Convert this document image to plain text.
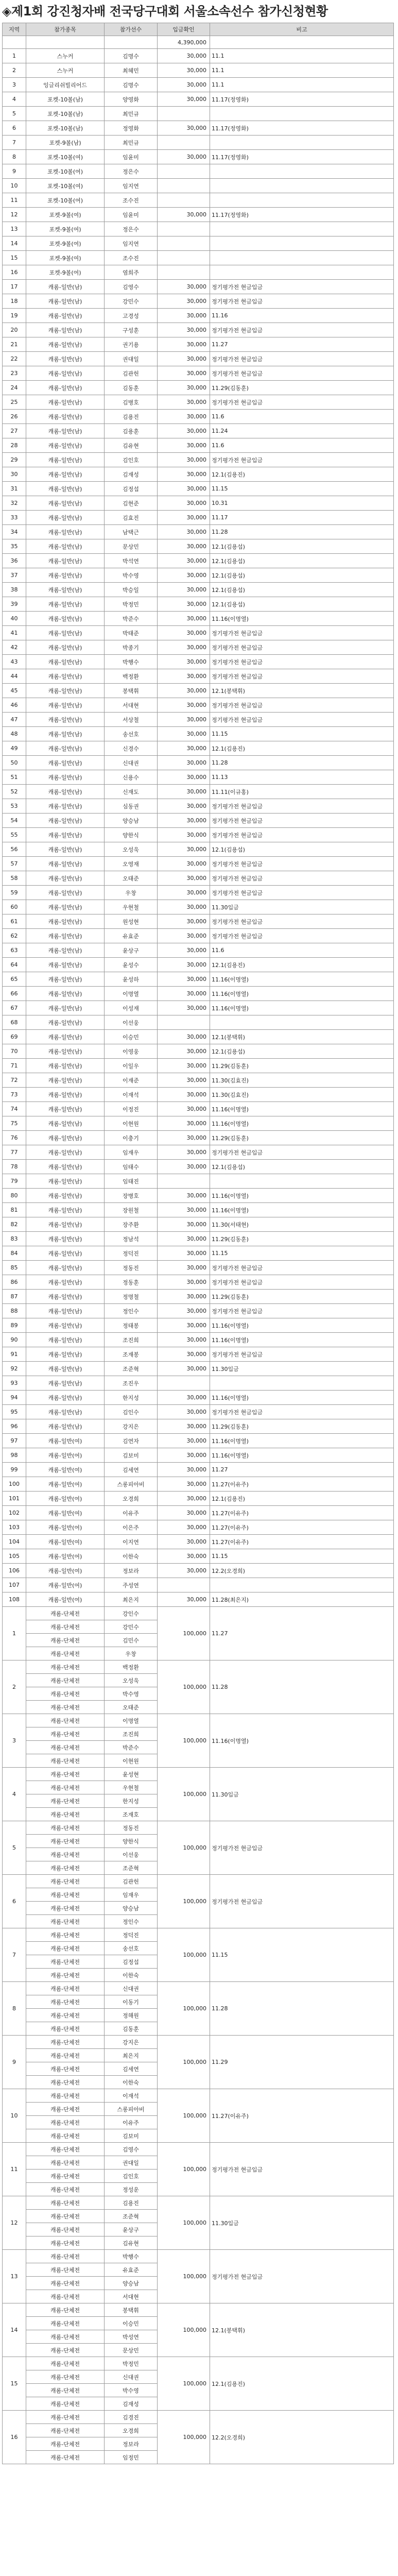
◈제1회 강진청자배 전국당구대회 서울소속선수 참가신청현황
지역	참가종목	참가선수	입금확인	비고
			4,390,000	
1	스누커	김명수	30,000	11.1
2	스누커	최혜민	30,000	11.1
3	잉글리쉬빌리어드	김명수	30,000	11.1
4	포켓-10볼(남)	양영화	30,000	11.17(정영화)
5	포켓-10볼(남)	최민규		
6	포켓-10볼(남)	정영화	30,000	11.17(정영화)
7	포켓-9볼(남)	최민규		
8	포켓-10볼(여)	임윤미	30,000	11.17(정영화)
9	포켓-10볼(여)	정은수		
10	포켓-10볼(여)	임지연		
11	포켓-10볼(여)	조수진		
12	포켓-9볼(여)	임윤미	30,000	11.17(정영화)
13	포켓-9볼(여)	정은수		
14	포켓-9볼(여)	임지연		
15	포켓-9볼(여)	조수진		
16	포켓-9볼(여)	염희주		
17	캐롬-일반(남)	김영수	30,000	정기평가전 현금입금
18	캐롬-일반(남)	강민수	30,000	정기평가전 현금입금
19	캐롬-일반(남)	고경성	30,000	11.16
20	캐롬-일반(남)	구성훈	30,000	정기평가전 현금입금
21	캐롬-일반(남)	권기용	30,000	11.27
22	캐롬-일반(남)	권대일	30,000	정기평가전 현금입금
23	캐롬-일반(남)	김관헌	30,000	정기평가전 현금입금
24	캐롬-일반(남)	김동훈	30,000	11.29(김동훈)
25	캐롬-일반(남)	김병호	30,000	정기평가전 현금입금
26	캐롬-일반(남)	김용진	30,000	11.6
27	캐롬-일반(남)	김용훈	30,000	11.24
28	캐롬-일반(남)	김유현	30,000	11.6
29	캐롬-일반(남)	김인호	30,000	정기평가전 현금입금
30	캐롬-일반(남)	김재성	30,000	12.1(김용진)
31	캐롬-일반(남)	김정섭	30,000	11.15
32	캐롬-일반(남)	김현준	30,000	10.31
33	캐롬-일반(남)	김효진	30,000	11.17
34	캐롬-일반(남)	남택근	30,000	11.28
35	캐롬-일반(남)	문상민	30,000	12.1(김용섭)
36	캐롬-일반(남)	박석연	30,000	12.1(김용섭)
37	캐롬-일반(남)	박수영	30,000	12.1(김용섭)
38	캐롬-일반(남)	박승일	30,000	12.1(김용섭)
39	캐롬-일반(남)	박정민	30,000	12.1(김용섭)
40	캐롬-일반(남)	박준수	30,000	11.16(이명열)
41	캐롬-일반(남)	박태준	30,000	정기평가전 현금입금
42	캐롬-일반(남)	박종기	30,000	정기평가전 현금입금
43	캐롬-일반(남)	박행수	30,000	정기평가전 현금입금
44	캐롬-일반(남)	백정환	30,000	정기평가전 현금입금
45	캐롬-일반(남)	봉택휘	30,000	12.1(봉택휘)
46	캐롬-일반(남)	서대현	30,000	정기평가전 현금입금
47	캐롬-일반(남)	서상철	30,000	정기평가전 현금입금
48	캐롬-일반(남)	송선호	30,000	11.15
49	캐롬-일반(남)	신경수	30,000	12.1(김용진)
50	캐롬-일반(남)	신대권	30,000	11.28
51	캐롬-일반(남)	신용수	30,000	11.13
52	캐롬-일반(남)	신재도	30,000	11.11(이규홍)
53	캐롬-일반(남)	심동권	30,000	정기평가전 현금입금
54	캐롬-일반(남)	양승남	30,000	정기평가전 현금입금
55	캐롬-일반(남)	양한식	30,000	정기평가전 현금입금
56	캐롬-일반(남)	오성욱	30,000	12.1(김용섭)
57	캐롬-일반(남)	오영재	30,000	정기평가전 현금입금
58	캐롬-일반(남)	오태준	30,000	정기평가전 현금입금
59	캐롬-일반(남)	우창	30,000	정기평가전 현금입금
60	캐롬-일반(남)	우현철	30,000	11.30입금
61	캐롬-일반(남)	원성현	30,000	정기평가전 현금입금
62	캐롬-일반(남)	유효준	30,000	정기평가전 현금입금
63	캐롬-일반(남)	윤상구	30,000	11.6
64	캐롬-일반(남)	윤성수	30,000	12.1(김용진)
65	캐롬-일반(남)	윤성하	30,000	11.16(이명열)
66	캐롬-일반(남)	이명열	30,000	11.16(이명열)
67	캐롬-일반(남)	이성재	30,000	11.16(이명열)
68	캐롬-일반(남)	이선웅		
69	캐롬-일반(남)	이승민	30,000	12.1(봉택휘)
70	캐롬-일반(남)	이영웅	30,000	12.1(김용섭)
71	캐롬-일반(남)	이일우	30,000	11.29(김동훈)
72	캐롬-일반(남)	이재준	30,000	11.30(김효진)
73	캐롬-일반(남)	이재석	30,000	11.30(김효진)
74	캐롬-일반(남)	이정진	30,000	11.16(이명열)
75	캐롬-일반(남)	이현원	30,000	11.16(이명열)
76	캐롬-일반(남)	이충기	30,000	11.29(김동훈)
77	캐롬-일반(남)	임재우	30,000	정기평가전 현금입금
78	캐롬-일반(남)	임태수	30,000	12.1(김용섭)
79	캐롬-일반(남)	임태진		
80	캐롬-일반(남)	장병호	30,000	11.16(이명열)
81	캐롬-일반(남)	장원철	30,000	11.16(이명열)
82	캐롬-일반(남)	장주환	30,000	11.30(서태현)
83	캐롬-일반(남)	정남석	30,000	11.29(김동훈)
84	캐롬-일반(남)	정덕진	30,000	11.15
85	캐롬-일반(남)	정동진	30,000	정기평가전 현금입금
86	캐롬-일반(남)	정동훈	30,000	정기평가전 현금입금
87	캐롬-일반(남)	정명철	30,000	11.29(김동훈)
88	캐롬-일반(남)	정인수	30,000	정기평가전 현금입금
89	캐롬-일반(남)	정태봉	30,000	11.16(이명열)
90	캐롬-일반(남)	조진희	30,000	11.16(이명열)
91	캐롬-일반(남)	조재봉	30,000	정기평가전 현금입금
92	캐롬-일반(남)	조준혁	30,000	11.30입금
93	캐롬-일반(남)	조진우		
94	캐롬-일반(남)	한지성	30,000	11.16(이명열)
95	캐롬-일반(남)	김인수	30,000	정기평가전 현금입금
96	캐롬-일반(남)	강지은	30,000	11.29(김동훈)
97	캐롬-일반(여)	김연자	30,000	11.16(이명열)
98	캐롬-일반(여)	김보미	30,000	11.16(이명열)
99	캐롬-일반(여)	김세연	30,000	11.27
100	캐롬-일반(여)	스롱피아비	30,000	11.27(이유주)
101	캐롬-일반(여)	오경희	30,000	12.1(김용진)
102	캐롬-일반(여)	이유주	30,000	11.27(이유주)
103	캐롬-일반(여)	이은주	30,000	11.27(이유주)
104	캐롬-일반(여)	이지연	30,000	11.27(이유주)
105	캐롬-일반(여)	이한숙	30,000	11.15
106	캐롬-일반(여)	정보라	30,000	12.2(오경희)
107	캐롬-일반(여)	주성연		
108	캐롬-일반(여)	최은지	30,000	11.28(최은지)
1	캐롬-단체전	강인수	100,000	11.27
	캐롬-단체전	강민수		
	캐롬-단체전	김민수		
	캐롬-단체전	우창		
2	캐롬-단체전	백정환	100,000	11.28
	캐롬-단체전	오성욱		
	캐롬-단체전	박수영		
	캐롬-단체전	오태준		
3	캐롬-단체전	이명열	100,000	11.16(이명열)
	캐롬-단체전	조진희		
	캐롬-단체전	박준수		
	캐롬-단체전	이현원		
4	캐롬-단체전	윤성현	100,000	11.30입금
	캐롬-단체전	우현철		
	캐롬-단체전	한지성		
	캐롬-단체전	조재호		
5	캐롬-단체전	정동진	100,000	정기평가전 현금입금
	캐롬-단체전	양한식		
	캐롬-단체전	이선웅		
	캐롬-단체전	조준혁		
6	캐롬-단체전	김관헌	100,000	정기평가전 현금입금
	캐롬-단체전	임재우		
	캐롬-단체전	양승남		
	캐롬-단체전	정인수		
7	캐롬-단체전	정덕진	100,000	11.15
	캐롬-단체전	송선호		
	캐롬-단체전	김정섭		
	캐롬-단체전	이한숙		
8	캐롬-단체전	신대권	100,000	11.28
	캐롬-단체전	이동기		
	캐롬-단체전	정해원		
	캐롬-단체전	김동훈		
9	캐롬-단체전	강지은	100,000	11.29
	캐롬-단체전	최은지		
	캐롬-단체전	김세연		
	캐롬-단체전	이한숙		
10	캐롬-단체전	이재석	100,000	11.27(이유주)
	캐롬-단체전	스롱피아비		
	캐롬-단체전	이유주		
	캐롬-단체전	김보미		
11	캐롬-단체전	김영수	100,000	정기평가전 현금입금
	캐롬-단체전	권대일		
	캐롬-단체전	김인호		
	캐롬-단체전	정성운		
12	캐롬-단체전	김용진	100,000	11.30입금
	캐롬-단체전	조준혁		
	캐롬-단체전	윤상구		
	캐롬-단체전	김유현		
13	캐롬-단체전	박행수	100,000	정기평가전 현금입금
	캐롬-단체전	유효준		
	캐롬-단체전	양승남		
	캐롬-단체전	서대현		
14	캐롬-단체전	봉택휘	100,000	12.1(봉택휘)
	캐롬-단체전	이승민		
	캐롬-단체전	박성연		
	캐롬-단체전	문상민		
15	캐롬-단체전	박정민	100,000	12.1(김용진)
	캐롬-단체전	신대권		
	캐롬-단체전	박수영		
	캐롬-단체전	김재성		
16	캐롬-단체전	김경진	100,000	12.2(오경희)
	캐롬-단체전	오경희		
	캐롬-단체전	정보라		
	캐롬-단체전	임정민		
